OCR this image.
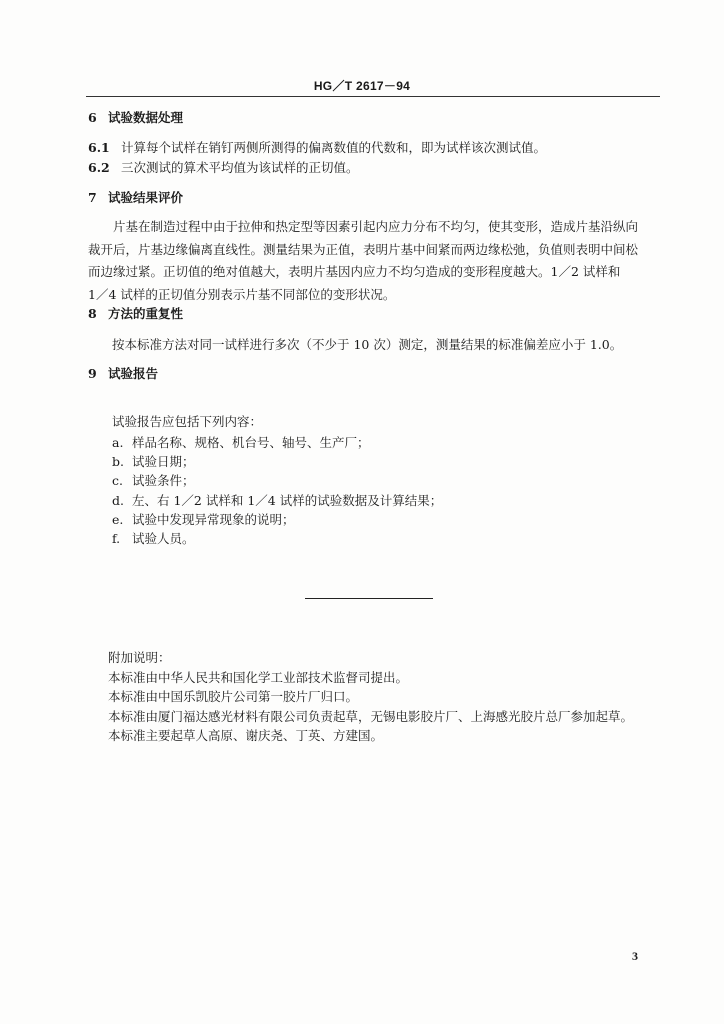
HG／T 2617－94
6 试验数据处理
6.1 计算每个试样在销钉两侧所测得的偏离数值的代数和，即为试样该次测试值。
6.2 三次测试的算术平均值为该试样的正切值。
7 试验结果评价
片基在制造过程中由于拉伸和热定型等因素引起内应力分布不均匀，使其变形，造成片基沿纵向
裁开后，片基边缘偏离直线性。测量结果为正值，表明片基中间紧而两边缘松弛，负值则表明中间松
而边缘过紧。正切值的绝对值越大，表明片基因内应力不均匀造成的变形程度越大。1／2 试样和
1／4 试样的正切值分别表示片基不同部位的变形状况。
8 方法的重复性
按本标准方法对同一试样进行多次（不少于 10 次）测定，测量结果的标准偏差应小于 1.0。
9 试验报告
试验报告应包括下列内容：
a. 样品名称、规格、机台号、轴号、生产厂；
b. 试验日期；
c. 试验条件；
d. 左、右 1／2 试样和 1／4 试样的试验数据及计算结果；
e. 试验中发现异常现象的说明；
f. 试验人员。
附加说明：
本标准由中华人民共和国化学工业部技术监督司提出。
本标准由中国乐凯胶片公司第一胶片厂归口。
本标准由厦门福达感光材料有限公司负责起草，无锡电影胶片厂、上海感光胶片总厂参加起草。
本标准主要起草人高原、谢庆尧、丁英、方建国。
3
